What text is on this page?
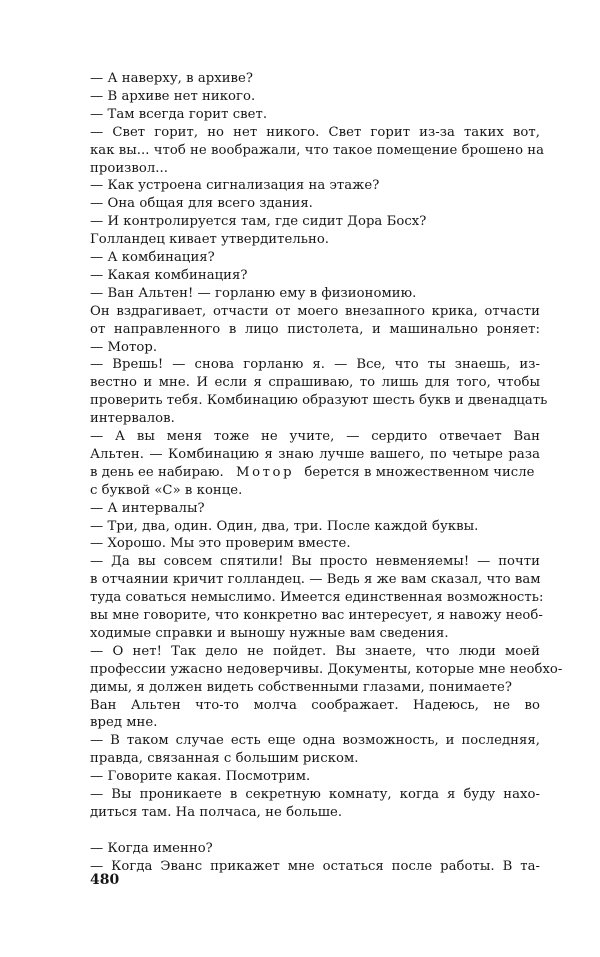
— А наверху, в архиве?
— В архиве нет никого.
— Там всегда горит свет.
— Свет горит, но нет никого. Свет горит из-за таких вот,
как вы... чтоб не воображали, что такое помещение брошено на
произвол...
— Как устроена сигнализация на этаже?
— Она общая для всего здания.
— И контролируется там, где сидит Дора Босх?
Голландец кивает утвердительно.
— А комбинация?
— Какая комбинация?
— Ван Альтен! — горланю ему в физиономию.
Он вздрагивает, отчасти от моего внезапного крика, отчасти
от направленного в лицо пистолета, и машинально роняет:
— Мотор.
— Врешь! — снова горланю я. — Все, что ты знаешь, из-
вестно и мне. И если я спрашиваю, то лишь для того, чтобы
проверить тебя. Комбинацию образуют шесть букв и двенадцать
интервалов.
— А вы меня тоже не учите, — сердито отвечает Ван
Альтен. — Комбинацию я знаю лучше вашего, по четыре раза
в день ее набираю. Мотор берется в множественном числе
с буквой «С» в конце.
— А интервалы?
— Три, два, один. Один, два, три. После каждой буквы.
— Хорошо. Мы это проверим вместе.
— Да вы совсем спятили! Вы просто невменяемы! — почти
в отчаянии кричит голландец. — Ведь я же вам сказал, что вам
туда соваться немыслимо. Имеется единственная возможность:
вы мне говорите, что конкретно вас интересует, я навожу необ-
ходимые справки и выношу нужные вам сведения.
— О нет! Так дело не пойдет. Вы знаете, что люди моей
профессии ужасно недоверчивы. Документы, которые мне необхо-
димы, я должен видеть собственными глазами, понимаете?
Ван Альтен что-то молча соображает. Надеюсь, не во
вред мне.
— В таком случае есть еще одна возможность, и последняя,
правда, связанная с большим риском.
— Говорите какая. Посмотрим.
— Вы проникаете в секретную комнату, когда я буду нахо-
диться там. На полчаса, не больше.
— Когда именно?
— Когда Эванс прикажет мне остаться после работы. В та-
480
